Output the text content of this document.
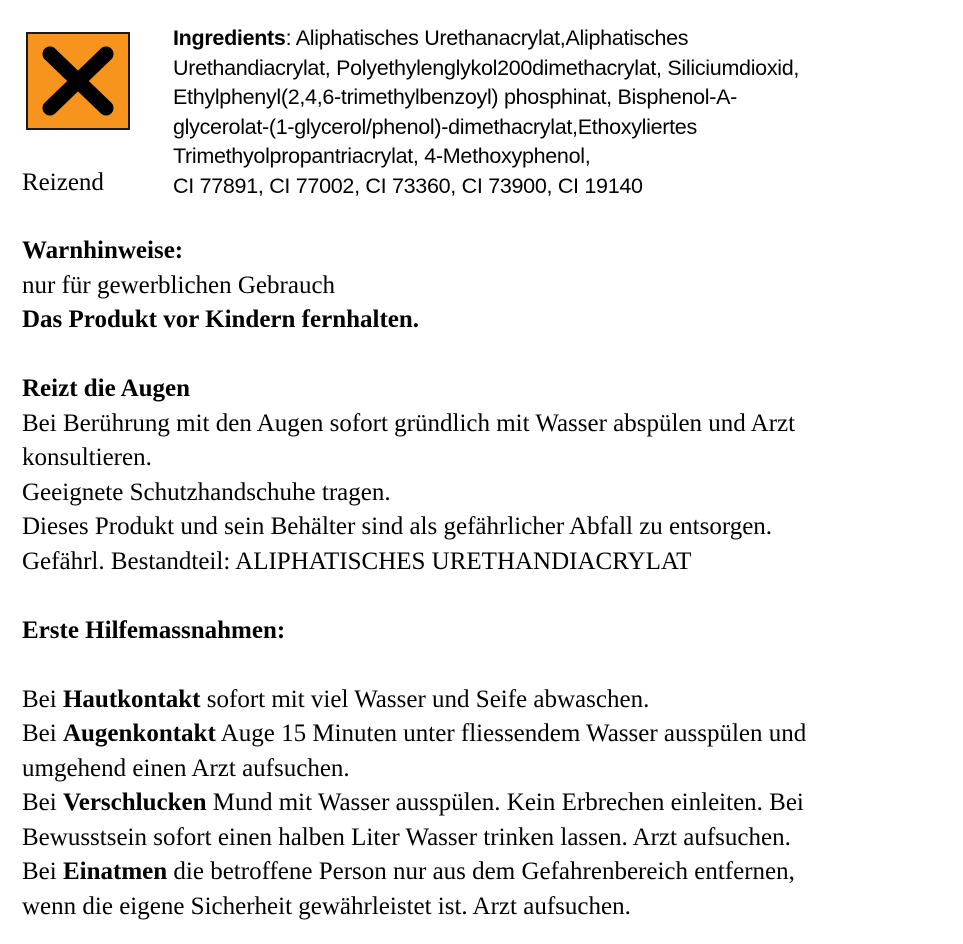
Reizend
Ingredients: Aliphatisches Urethanacrylat,Aliphatisches
Urethandiacrylat, Polyethylenglykol200dimethacrylat, Siliciumdioxid,
Ethylphenyl(2,4,6-trimethylbenzoyl) phosphinat, Bisphenol-A-
glycerolat-(1-glycerol/phenol)-dimethacrylat,Ethoxyliertes
Trimethyolpropantriacrylat, 4-Methoxyphenol,
CI 77891, CI 77002, CI 73360, CI 73900, CI 19140
Warnhinweise:
nur für gewerblichen Gebrauch
Das Produkt vor Kindern fernhalten.
Reizt die Augen
Bei Berührung mit den Augen sofort gründlich mit Wasser abspülen und Arzt
konsultieren.
Geeignete Schutzhandschuhe tragen.
Dieses Produkt und sein Behälter sind als gefährlicher Abfall zu entsorgen.
Gefährl. Bestandteil: ALIPHATISCHES URETHANDIACRYLAT
Erste Hilfemassnahmen:
Bei Hautkontakt sofort mit viel Wasser und Seife abwaschen.
Bei Augenkontakt Auge 15 Minuten unter fliessendem Wasser ausspülen und
umgehend einen Arzt aufsuchen.
Bei Verschlucken Mund mit Wasser ausspülen. Kein Erbrechen einleiten. Bei
Bewusstsein sofort einen halben Liter Wasser trinken lassen. Arzt aufsuchen.
Bei Einatmen die betroffene Person nur aus dem Gefahrenbereich entfernen,
wenn die eigene Sicherheit gewährleistet ist. Arzt aufsuchen.
